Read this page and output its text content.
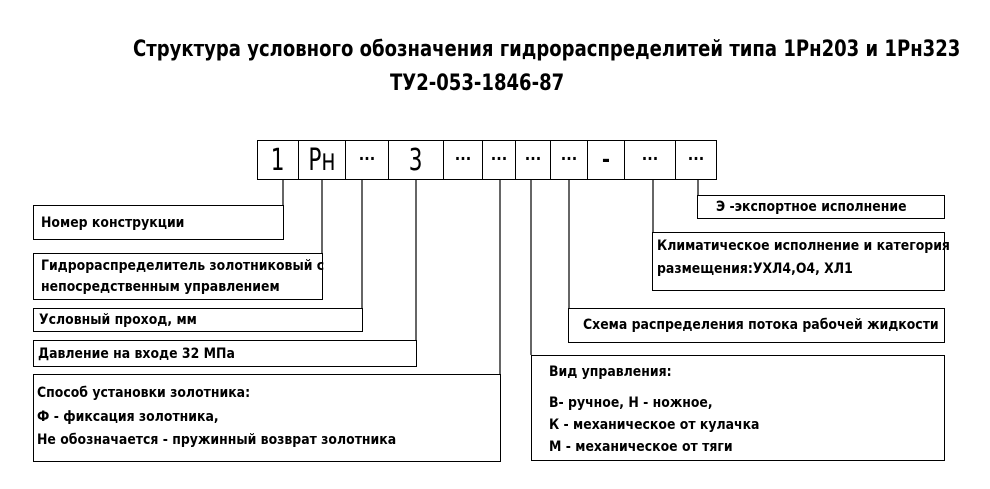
Структура условного обозначения гидрораспределитей типа 1Рн203 и 1Рн323
ТУ2-053-1846-87
1 Рн ... 3 ... ... ... ... - ... ...
Номер конструкции
Гидрораспределитель золотниковый с
непосредственным управлением
Условный проход, мм
Давление на входе 32 МПа
Способ установки золотника:
Ф - фиксация золотника,
Не обозначается - пружинный возврат золотника
Э -экспортное исполнение
Климатическое исполнение и категория
размещения:УХЛ4,О4, ХЛ1
Схема распределения потока рабочей жидкости
Вид управления:
В- ручное, Н - ножное,
К - механическое от кулачка
М - механическое от тяги
